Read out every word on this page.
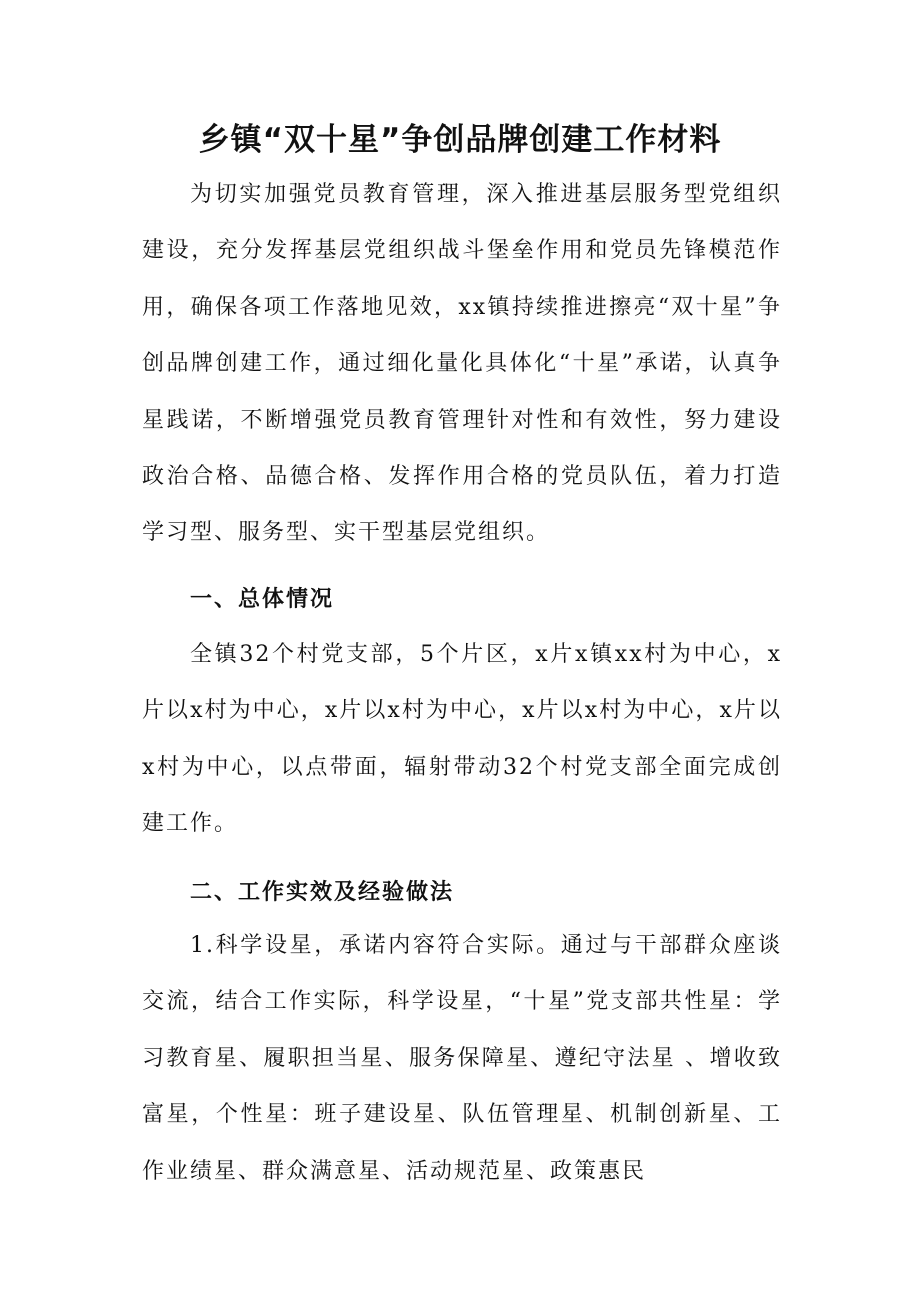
乡镇“双十星”争创品牌创建工作材料

为切实加强党员教育管理，深入推进基层服务型党组织建设，充分发挥基层党组织战斗堡垒作用和党员先锋模范作用，确保各项工作落地见效，xx镇持续推进擦亮“双十星”争创品牌创建工作，通过细化量化具体化“十星”承诺，认真争星践诺，不断增强党员教育管理针对性和有效性，努力建设政治合格、品德合格、发挥作用合格的党员队伍，着力打造学习型、服务型、实干型基层党组织。

一、总体情况

全镇32个村党支部，5个片区，x片x镇xx村为中心，x片以x村为中心，x片以x村为中心，x片以x村为中心，x片以x村为中心，以点带面，辐射带动32个村党支部全面完成创建工作。

二、工作实效及经验做法

1.科学设星，承诺内容符合实际。通过与干部群众座谈交流，结合工作实际，科学设星，“十星”党支部共性星：学习教育星、履职担当星、服务保障星、遵纪守法星 、增收致富星，个性星：班子建设星、队伍管理星、机制创新星、工作业绩星、群众满意星、活动规范星、政策惠民
